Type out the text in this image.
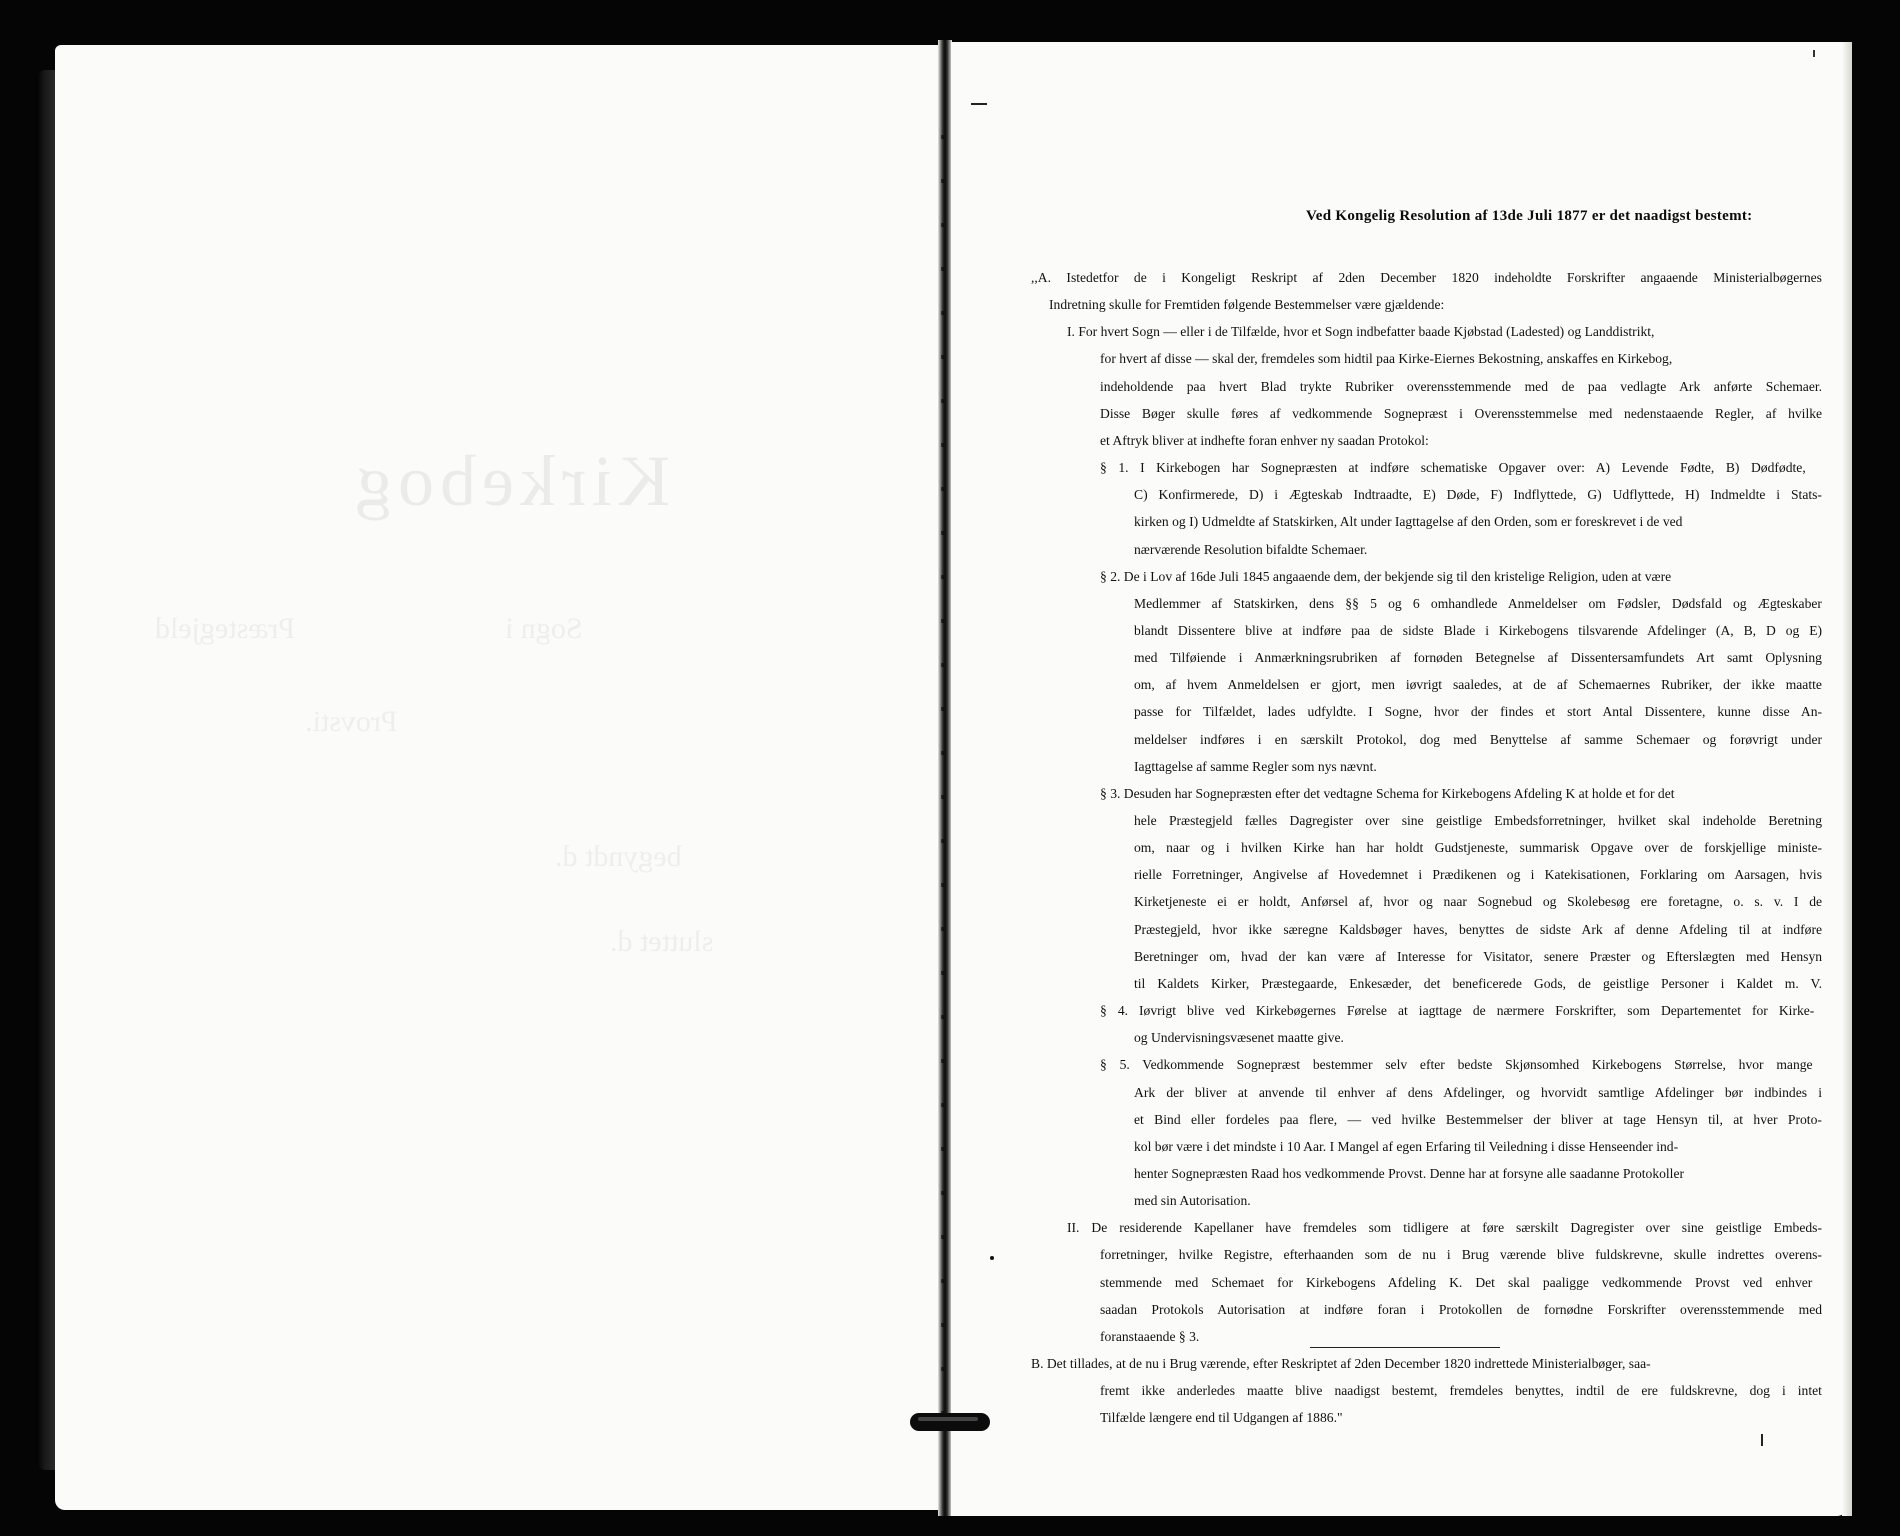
Kirkebog
Præstegjeld	Sogn i
Provsti.
begyndt d.
sluttet d.
Ved Kongelig Resolution af 13de Juli 1877 er det naadigst bestemt:
,,A. Istedetfor de i Kongeligt Reskript af 2den December 1820 indeholdte Forskrifter angaaende Ministerialbøgernes
Indretning skulle for Fremtiden følgende Bestemmelser være gjældende:
I. For hvert Sogn — eller i de Tilfælde, hvor et Sogn indbefatter baade Kjøbstad (Ladested) og Landdistrikt,
for hvert af disse — skal der, fremdeles som hidtil paa Kirke-Eiernes Bekostning, anskaffes en Kirkebog,
indeholdende paa hvert Blad trykte Rubriker overensstemmende med de paa vedlagte Ark anførte Schemaer.
Disse Bøger skulle føres af vedkommende Sognepræst i Overensstemmelse med nedenstaaende Regler, af hvilke
et Aftryk bliver at indhefte foran enhver ny saadan Protokol:
§ 1. I Kirkebogen har Sognepræsten at indføre schematiske Opgaver over: A) Levende Fødte, B) Dødfødte,
C) Konfirmerede, D) i Ægteskab Indtraadte, E) Døde, F) Indflyttede, G) Udflyttede, H) Indmeldte i Stats-
kirken og I) Udmeldte af Statskirken, Alt under Iagttagelse af den Orden, som er foreskrevet i de ved
nærværende Resolution bifaldte Schemaer.
§ 2. De i Lov af 16de Juli 1845 angaaende dem, der bekjende sig til den kristelige Religion, uden at være
Medlemmer af Statskirken, dens §§ 5 og 6 omhandlede Anmeldelser om Fødsler, Dødsfald og Ægteskaber
blandt Dissentere blive at indføre paa de sidste Blade i Kirkebogens tilsvarende Afdelinger (A, B, D og E)
med Tilføiende i Anmærkningsrubriken af fornøden Betegnelse af Dissentersamfundets Art samt Oplysning
om, af hvem Anmeldelsen er gjort, men iøvrigt saaledes, at de af Schemaernes Rubriker, der ikke maatte
passe for Tilfældet, lades udfyldte. I Sogne, hvor der findes et stort Antal Dissentere, kunne disse An-
meldelser indføres i en særskilt Protokol, dog med Benyttelse af samme Schemaer og forøvrigt under
Iagttagelse af samme Regler som nys nævnt.
§ 3. Desuden har Sognepræsten efter det vedtagne Schema for Kirkebogens Afdeling K at holde et for det
hele Præstegjeld fælles Dagregister over sine geistlige Embedsforretninger, hvilket skal indeholde Beretning
om, naar og i hvilken Kirke han har holdt Gudstjeneste, summarisk Opgave over de forskjellige ministe-
rielle Forretninger, Angivelse af Hovedemnet i Prædikenen og i Katekisationen, Forklaring om Aarsagen, hvis
Kirketjeneste ei er holdt, Anførsel af, hvor og naar Sognebud og Skolebesøg ere foretagne, o. s. v. I de
Præstegjeld, hvor ikke særegne Kaldsbøger haves, benyttes de sidste Ark af denne Afdeling til at indføre
Beretninger om, hvad der kan være af Interesse for Visitator, senere Præster og Efterslægten med Hensyn
til Kaldets Kirker, Præstegaarde, Enkesæder, det beneficerede Gods, de geistlige Personer i Kaldet m. V.
§ 4. Iøvrigt blive ved Kirkebøgernes Førelse at iagttage de nærmere Forskrifter, som Departementet for Kirke-
og Undervisningsvæsenet maatte give.
§ 5. Vedkommende Sognepræst bestemmer selv efter bedste Skjønsomhed Kirkebogens Størrelse, hvor mange
Ark der bliver at anvende til enhver af dens Afdelinger, og hvorvidt samtlige Afdelinger bør indbindes i
et Bind eller fordeles paa flere, — ved hvilke Bestemmelser der bliver at tage Hensyn til, at hver Proto-
kol bør være i det mindste i 10 Aar. I Mangel af egen Erfaring til Veiledning i disse Henseender ind-
henter Sognepræsten Raad hos vedkommende Provst. Denne har at forsyne alle saadanne Protokoller
med sin Autorisation.
II. De residerende Kapellaner have fremdeles som tidligere at føre særskilt Dagregister over sine geistlige Embeds-
forretninger, hvilke Registre, efterhaanden som de nu i Brug værende blive fuldskrevne, skulle indrettes overens-
stemmende med Schemaet for Kirkebogens Afdeling K. Det skal paaligge vedkommende Provst ved enhver
saadan Protokols Autorisation at indføre foran i Protokollen de fornødne Forskrifter overensstemmende med
foranstaaende § 3.
B. Det tillades, at de nu i Brug værende, efter Reskriptet af 2den December 1820 indrettede Ministerialbøger, saa-
fremt ikke anderledes maatte blive naadigst bestemt, fremdeles benyttes, indtil de ere fuldskrevne, dog i intet
Tilfælde længere end til Udgangen af 1886."
